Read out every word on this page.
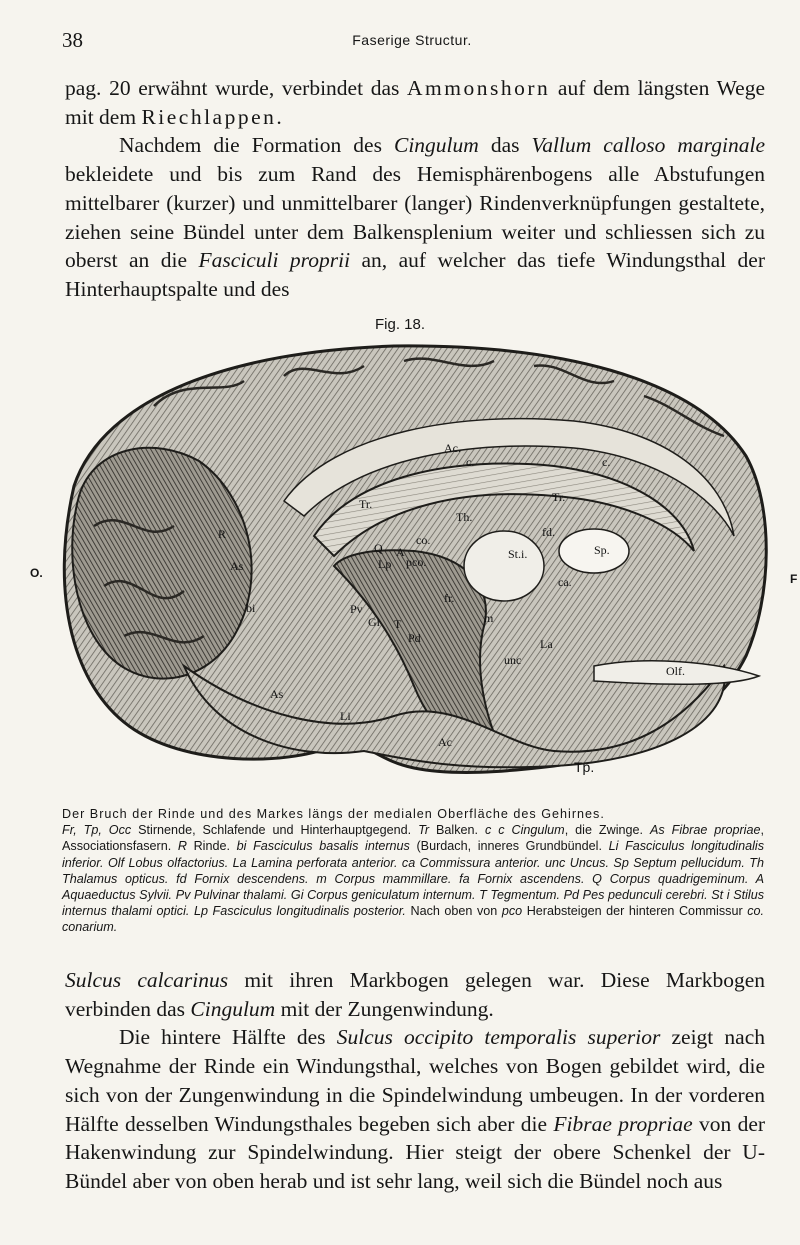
38	Faserige Structur.

pag. 20 erwähnt wurde, verbindet das Ammonshorn auf dem längsten Wege mit dem Riechlappen.

Nachdem die Formation des Cingulum das Vallum calloso marginale bekleidete und bis zum Rand des Hemisphärenbogens alle Abstufungen mittelbarer (kurzer) und unmittelbarer (langer) Rindenverknüpfungen gestaltete, ziehen seine Bündel unter dem Balkensplenium weiter und schliessen sich zu oberst an die Fasciculi proprii an, auf welcher das tiefe Windungsthal der Hinterhauptspalte und des

Fig. 18.
O.	F
Ac.
c.	c.
Tr.	Tr.
Th.
co.
Q A
Lp pco.
St.i.
fd.
Sp.
ca.
fr.
m
La
unc
R
As
bi	Pv
Gi T
Pd
Olf.
Li
As
Ac
Tp.

Der Bruch der Rinde und des Markes längs der medialen Oberfläche des Gehirnes.

Fr, Tp, Occ Stirnende, Schlafende und Hinterhauptgegend. Tr Balken. c c Cingulum, die Zwinge. As Fibrae propriae, Associationsfasern. R Rinde. bi Fasciculus basalis internus (Burdach, inneres Grundbündel. Li Fasciculus longitudinalis inferior. Olf Lobus olfactorius. La Lamina perforata anterior. ca Commissura anterior. unc Uncus. Sp Septum pellucidum. Th Thalamus opticus. fd Fornix descendens. m Corpus mammillare. fa Fornix ascendens. Q Corpus quadrigeminum. A Aquaeductus Sylvii. Pv Pulvinar thalami. Gi Corpus geniculatum internum. T Tegmentum. Pd Pes pedunculi cerebri. St i Stilus internus thalami optici. Lp Fasciculus longitudinalis posterior. Nach oben von pco Herabsteigen der hinteren Commissur co. conarium.

Sulcus calcarinus mit ihren Markbogen gelegen war. Diese Markbogen verbinden das Cingulum mit der Zungenwindung.

Die hintere Hälfte des Sulcus occipito temporalis superior zeigt nach Wegnahme der Rinde ein Windungsthal, welches von Bogen gebildet wird, die sich von der Zungenwindung in die Spindelwindung umbeugen. In der vorderen Hälfte desselben Windungsthales begeben sich aber die Fibrae propriae von der Hakenwindung zur Spindelwindung. Hier steigt der obere Schenkel der U-Bündel aber von oben herab und ist sehr lang, weil sich die Bündel noch aus
